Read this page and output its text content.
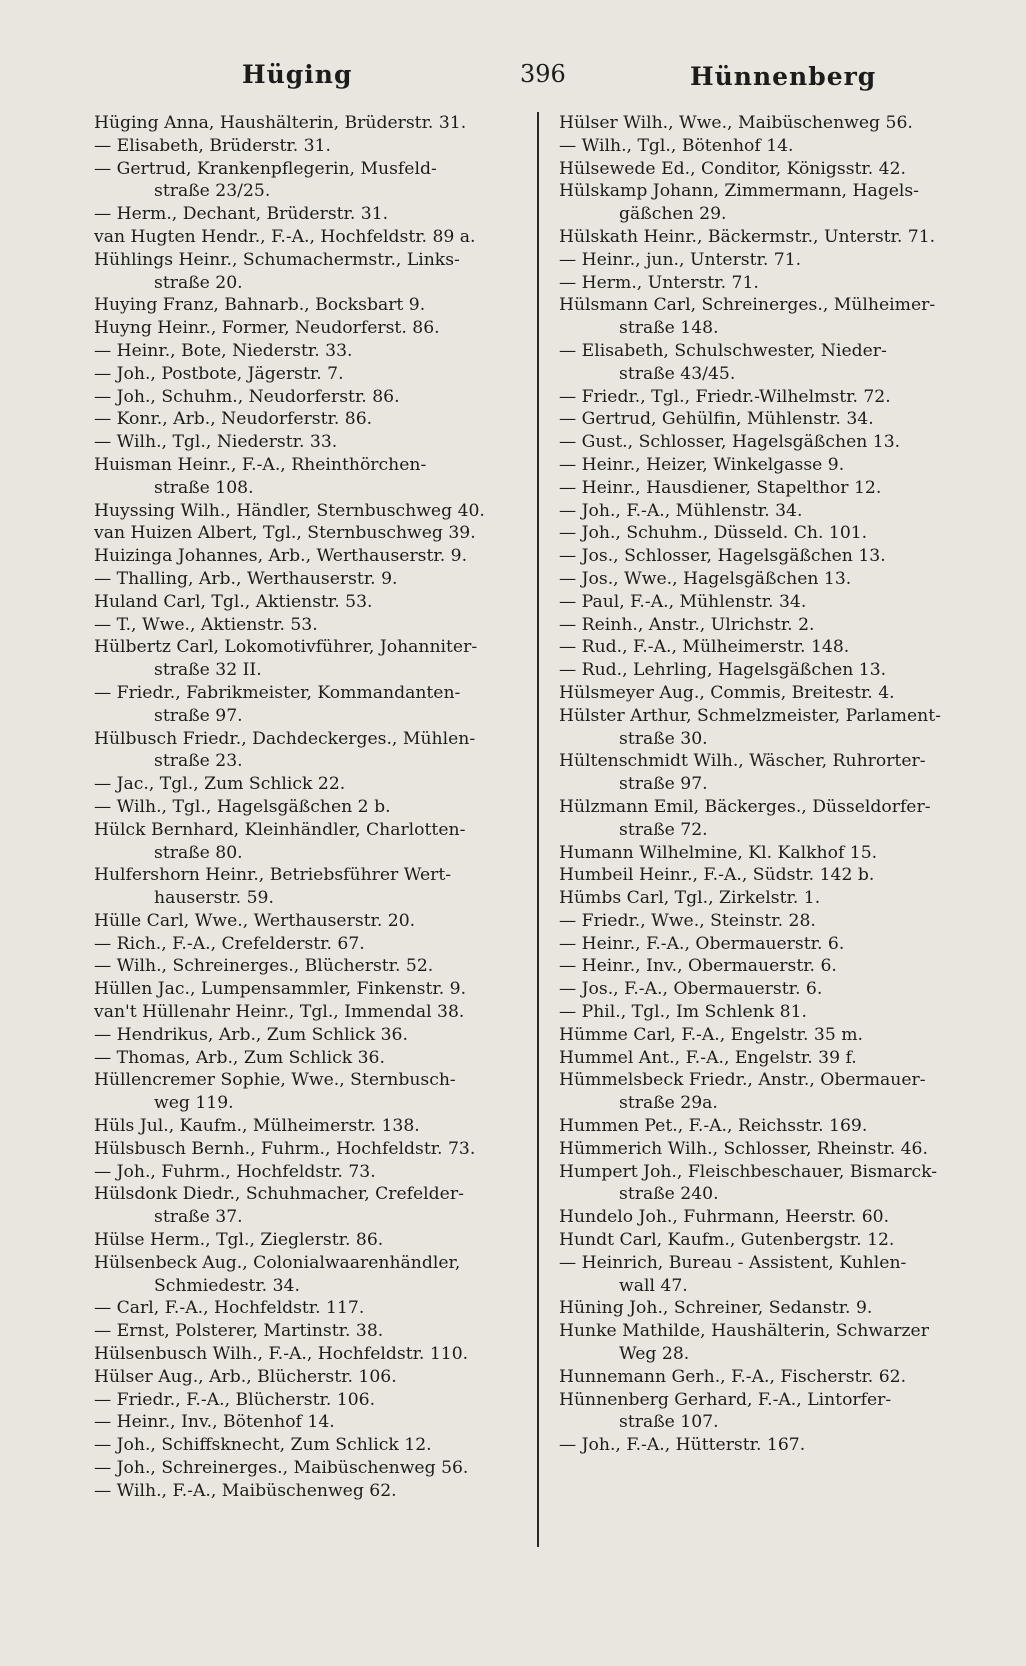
Hüging	396	Hünnenberg
Hüging Anna, Haushälterin, Brüderstr. 31.
— Elisabeth, Brüderstr. 31.
— Gertrud, Krankenpflegerin, Musfeld-
straße 23/25.
— Herm., Dechant, Brüderstr. 31.
van Hugten Hendr., F.-A., Hochfeldstr. 89 a.
Hühlings Heinr., Schumachermstr., Links-
straße 20.
Huying Franz, Bahnarb., Bocksbart 9.
Huyng Heinr., Former, Neudorferst. 86.
— Heinr., Bote, Niederstr. 33.
— Joh., Postbote, Jägerstr. 7.
— Joh., Schuhm., Neudorferstr. 86.
— Konr., Arb., Neudorferstr. 86.
— Wilh., Tgl., Niederstr. 33.
Huisman Heinr., F.-A., Rheinthörchen-
straße 108.
Huyssing Wilh., Händler, Sternbuschweg 40.
van Huizen Albert, Tgl., Sternbuschweg 39.
Huizinga Johannes, Arb., Werthauserstr. 9.
— Thalling, Arb., Werthauserstr. 9.
Huland Carl, Tgl., Aktienstr. 53.
— T., Wwe., Aktienstr. 53.
Hülbertz Carl, Lokomotivführer, Johanniter-
straße 32 II.
— Friedr., Fabrikmeister, Kommandanten-
straße 97.
Hülbusch Friedr., Dachdeckerges., Mühlen-
straße 23.
— Jac., Tgl., Zum Schlick 22.
— Wilh., Tgl., Hagelsgäßchen 2 b.
Hülck Bernhard, Kleinhändler, Charlotten-
straße 80.
Hulfershorn Heinr., Betriebsführer Wert-
hauserstr. 59.
Hülle Carl, Wwe., Werthauserstr. 20.
— Rich., F.-A., Crefelderstr. 67.
— Wilh., Schreinerges., Blücherstr. 52.
Hüllen Jac., Lumpensammler, Finkenstr. 9.
van't Hüllenahr Heinr., Tgl., Immendal 38.
— Hendrikus, Arb., Zum Schlick 36.
— Thomas, Arb., Zum Schlick 36.
Hüllencremer Sophie, Wwe., Sternbusch-
weg 119.
Hüls Jul., Kaufm., Mülheimerstr. 138.
Hülsbusch Bernh., Fuhrm., Hochfeldstr. 73.
— Joh., Fuhrm., Hochfeldstr. 73.
Hülsdonk Diedr., Schuhmacher, Crefelder-
straße 37.
Hülse Herm., Tgl., Zieglerstr. 86.
Hülsenbeck Aug., Colonialwaarenhändler,
Schmiedestr. 34.
— Carl, F.-A., Hochfeldstr. 117.
— Ernst, Polsterer, Martinstr. 38.
Hülsenbusch Wilh., F.-A., Hochfeldstr. 110.
Hülser Aug., Arb., Blücherstr. 106.
— Friedr., F.-A., Blücherstr. 106.
— Heinr., Inv., Bötenhof 14.
— Joh., Schiffsknecht, Zum Schlick 12.
— Joh., Schreinerges., Maibüschenweg 56.
— Wilh., F.-A., Maibüschenweg 62.
Hülser Wilh., Wwe., Maibüschenweg 56.
— Wilh., Tgl., Bötenhof 14.
Hülsewede Ed., Conditor, Königsstr. 42.
Hülskamp Johann, Zimmermann, Hagels-
gäßchen 29.
Hülskath Heinr., Bäckermstr., Unterstr. 71.
— Heinr., jun., Unterstr. 71.
— Herm., Unterstr. 71.
Hülsmann Carl, Schreinerges., Mülheimer-
straße 148.
— Elisabeth, Schulschwester, Nieder-
straße 43/45.
— Friedr., Tgl., Friedr.-Wilhelmstr. 72.
— Gertrud, Gehülfin, Mühlenstr. 34.
— Gust., Schlosser, Hagelsgäßchen 13.
— Heinr., Heizer, Winkelgasse 9.
— Heinr., Hausdiener, Stapelthor 12.
— Joh., F.-A., Mühlenstr. 34.
— Joh., Schuhm., Düsseld. Ch. 101.
— Jos., Schlosser, Hagelsgäßchen 13.
— Jos., Wwe., Hagelsgäßchen 13.
— Paul, F.-A., Mühlenstr. 34.
— Reinh., Anstr., Ulrichstr. 2.
— Rud., F.-A., Mülheimerstr. 148.
— Rud., Lehrling, Hagelsgäßchen 13.
Hülsmeyer Aug., Commis, Breitestr. 4.
Hülster Arthur, Schmelzmeister, Parlament-
straße 30.
Hültenschmidt Wilh., Wäscher, Ruhrorter-
straße 97.
Hülzmann Emil, Bäckerges., Düsseldorfer-
straße 72.
Humann Wilhelmine, Kl. Kalkhof 15.
Humbeil Heinr., F.-A., Südstr. 142 b.
Hümbs Carl, Tgl., Zirkelstr. 1.
— Friedr., Wwe., Steinstr. 28.
— Heinr., F.-A., Obermauerstr. 6.
— Heinr., Inv., Obermauerstr. 6.
— Jos., F.-A., Obermauerstr. 6.
— Phil., Tgl., Im Schlenk 81.
Hümme Carl, F.-A., Engelstr. 35 m.
Hummel Ant., F.-A., Engelstr. 39 f.
Hümmelsbeck Friedr., Anstr., Obermauer-
straße 29a.
Hummen Pet., F.-A., Reichsstr. 169.
Hümmerich Wilh., Schlosser, Rheinstr. 46.
Humpert Joh., Fleischbeschauer, Bismarck-
straße 240.
Hundelo Joh., Fuhrmann, Heerstr. 60.
Hundt Carl, Kaufm., Gutenbergstr. 12.
— Heinrich, Bureau - Assistent, Kuhlen-
wall 47.
Hüning Joh., Schreiner, Sedanstr. 9.
Hunke Mathilde, Haushälterin, Schwarzer
Weg 28.
Hunnemann Gerh., F.-A., Fischerstr. 62.
Hünnenberg Gerhard, F.-A., Lintorfer-
straße 107.
— Joh., F.-A., Hütterstr. 167.
